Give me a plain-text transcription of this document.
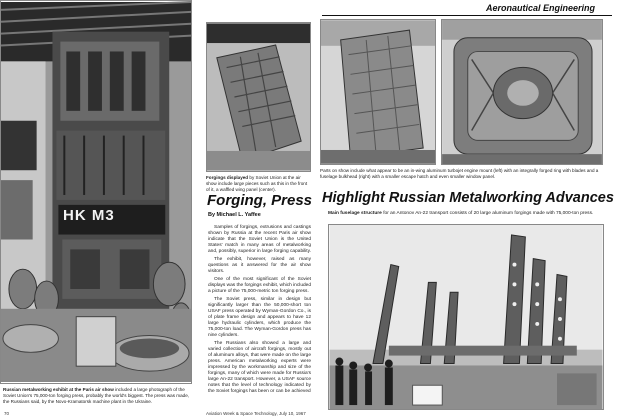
HK M3
Russian metalworking exhibit at the Paris air show included a large photograph of the Soviet Union's 75,000-ton forging press, probably the world's biggest. The press was made, the Russians said, by the Novo-Kramatorsk machine plant in the Ukraine.
Forgings displayed by Soviet Union at the air show include large pieces such as this in the front of it, a waffled wing panel (center).
Aeronautical Engineering
Parts on show include what appear to be an in-wing aluminum turbojet engine mount (left) with an integrally forged ring with blades and a fuselage bulkhead (right) with a smaller escape hatch and even smaller window panel.
Forging, Press Highlight Russian Metalworking Advances
By Michael L. Yaffee	Main fuselage structure for an Antonov An-22 transport consists of 20 large aluminum forgings made with 75,000-ton press.

Samples of forgings, extrusions and castings shown by Russia at the recent Paris air show indicate that the Soviet Union is the United States' match in many areas of metalworking and, possibly, superior in large forging capability.

The exhibit, however, raised as many questions as it answered for the air show visitors.

One of the most significant of the Soviet displays was the forgings exhibit, which included a picture of the 75,000-metric ton forging press.

The Soviet press, similar in design but significantly larger than the 50,000-short ton USAF press operated by Wyman-Gordon Co., is of plate frame design and appears to have 12 large hydraulic cylinders, which produce the 75,000-ton load. The Wyman-Gordon press has nine cylinders.

The Russians also showed a large and varied collection of aircraft forgings, mostly out of aluminum alloys, that were made on the large press. American metalworking experts were impressed by the workmanship and size of the forgings, many of which were made for Russia's large An-22 transport. However, a USAF source notes that the level of technology indicated by the Soviet forgings has been or can be achieved

70	Aviation Week & Space Technology, July 10, 1967
